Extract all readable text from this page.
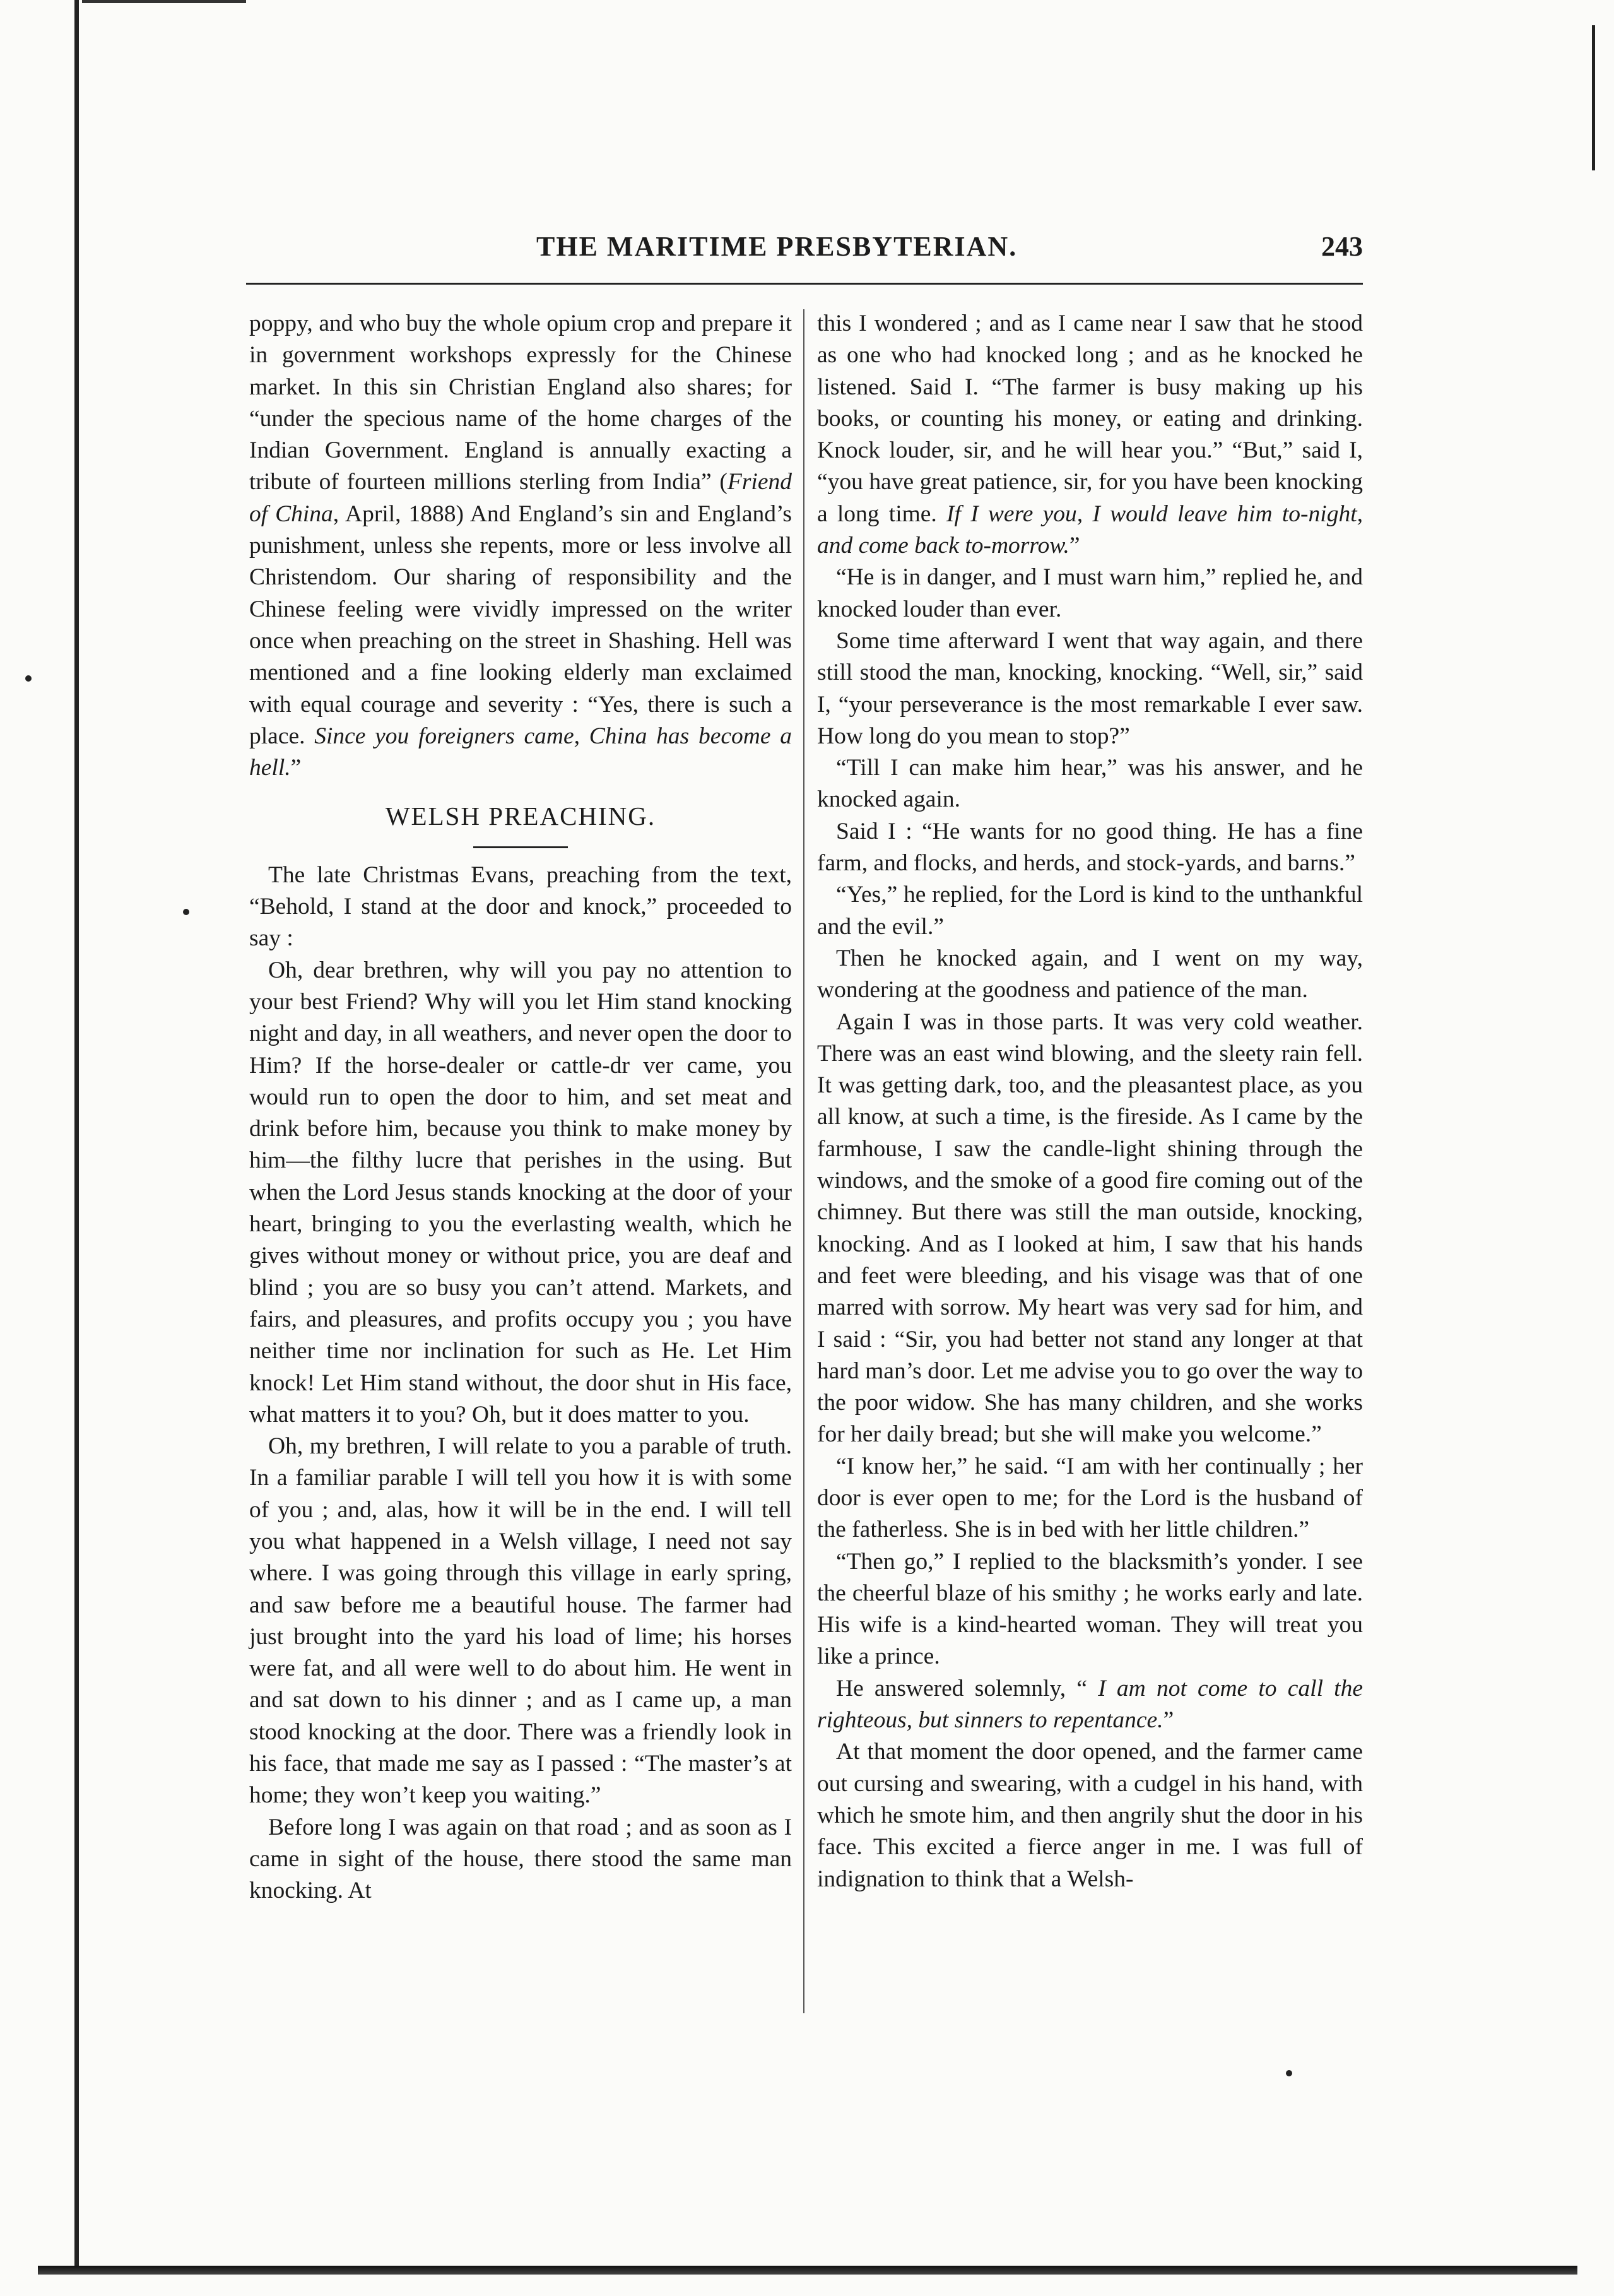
THE MARITIME PRESBYTERIAN.	243

poppy, and who buy the whole opium crop and prepare it in government workshops expressly for the Chinese market. In this sin Christian England also shares; for “under the specious name of the home charges of the Indian Government. England is annually exacting a tribute of fourteen millions sterling from India” (Friend of China, April, 1888) And England’s sin and England’s punishment, unless she repents, more or less involve all Christendom. Our sharing of responsibility and the Chinese feeling were vividly impressed on the writer once when preaching on the street in Shashing. Hell was mentioned and a fine looking elderly man exclaimed with equal courage and severity : “Yes, there is such a place. Since you foreigners came, China has become a hell.”

WELSH PREACHING.

The late Christmas Evans, preaching from the text, “Behold, I stand at the door and knock,” proceeded to say :

Oh, dear brethren, why will you pay no attention to your best Friend? Why will you let Him stand knocking night and day, in all weathers, and never open the door to Him? If the horse-dealer or cattle-dr ver came, you would run to open the door to him, and set meat and drink before him, because you think to make money by him—the filthy lucre that perishes in the using. But when the Lord Jesus stands knocking at the door of your heart, bringing to you the everlasting wealth, which he gives without money or without price, you are deaf and blind ; you are so busy you can’t attend. Markets, and fairs, and pleasures, and profits occupy you ; you have neither time nor inclination for such as He. Let Him knock! Let Him stand without, the door shut in His face, what matters it to you? Oh, but it does matter to you.

Oh, my brethren, I will relate to you a parable of truth. In a familiar parable I will tell you how it is with some of you ; and, alas, how it will be in the end. I will tell you what happened in a Welsh village, I need not say where. I was going through this village in early spring, and saw before me a beautiful house. The farmer had just brought into the yard his load of lime; his horses were fat, and all were well to do about him. He went in and sat down to his dinner ; and as I came up, a man stood knocking at the door. There was a friendly look in his face, that made me say as I passed : “The master’s at home; they won’t keep you waiting.”

Before long I was again on that road ; and as soon as I came in sight of the house, there stood the same man knocking. At

this I wondered ; and as I came near I saw that he stood as one who had knocked long ; and as he knocked he listened. Said I. “The farmer is busy making up his books, or counting his money, or eating and drinking. Knock louder, sir, and he will hear you.” “But,” said I, “you have great patience, sir, for you have been knocking a long time. If I were you, I would leave him to-night, and come back to-morrow.”

“He is in danger, and I must warn him,” replied he, and knocked louder than ever.

Some time afterward I went that way again, and there still stood the man, knocking, knocking. “Well, sir,” said I, “your perseverance is the most remarkable I ever saw. How long do you mean to stop?”

“Till I can make him hear,” was his answer, and he knocked again.

Said I : “He wants for no good thing. He has a fine farm, and flocks, and herds, and stock-yards, and barns.”

“Yes,” he replied, for the Lord is kind to the unthankful and the evil.”

Then he knocked again, and I went on my way, wondering at the goodness and patience of the man.

Again I was in those parts. It was very cold weather. There was an east wind blowing, and the sleety rain fell. It was getting dark, too, and the pleasantest place, as you all know, at such a time, is the fireside. As I came by the farmhouse, I saw the candle-light shining through the windows, and the smoke of a good fire coming out of the chimney. But there was still the man outside, knocking, knocking. And as I looked at him, I saw that his hands and feet were bleeding, and his visage was that of one marred with sorrow. My heart was very sad for him, and I said : “Sir, you had better not stand any longer at that hard man’s door. Let me advise you to go over the way to the poor widow. She has many children, and she works for her daily bread; but she will make you welcome.”

“I know her,” he said. “I am with her continually ; her door is ever open to me; for the Lord is the husband of the fatherless. She is in bed with her little children.”

“Then go,” I replied to the blacksmith’s yonder. I see the cheerful blaze of his smithy ; he works early and late. His wife is a kind-hearted woman. They will treat you like a prince.

He answered solemnly, “ I am not come to call the righteous, but sinners to repentance.”

At that moment the door opened, and the farmer came out cursing and swearing, with a cudgel in his hand, with which he smote him, and then angrily shut the door in his face. This excited a fierce anger in me. I was full of indignation to think that a Welsh-
